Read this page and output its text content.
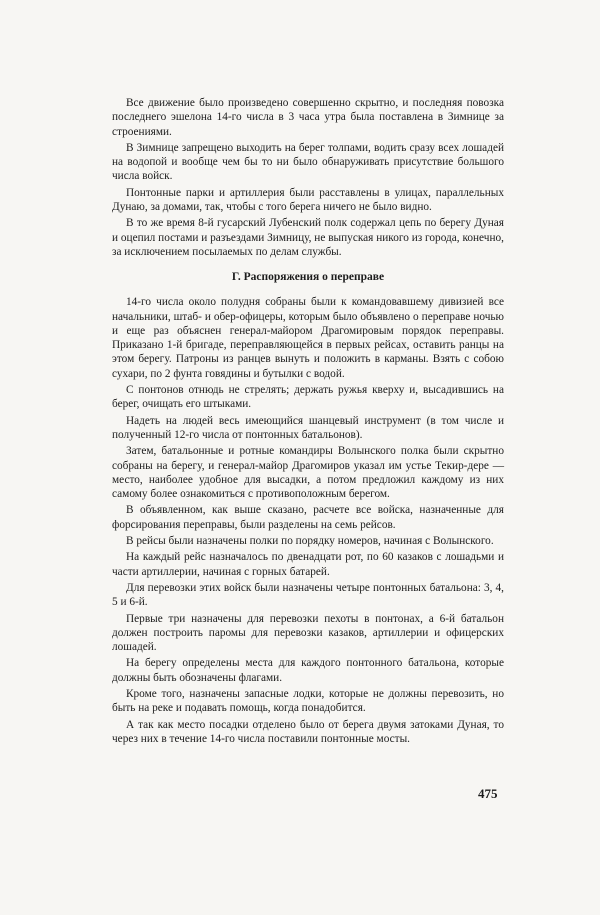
Все движение было произведено совершенно скрытно, и последняя повозка последнего эшелона 14-го числа в 3 часа утра была поставлена в Зимнице за строениями.

В Зимнице запрещено выходить на берег толпами, водить сразу всех лошадей на водопой и вообще чем бы то ни было обнаруживать присутствие большого числа войск.

Понтонные парки и артиллерия были расставлены в улицах, параллельных Дунаю, за домами, так, чтобы с того берега ничего не было видно.

В то же время 8-й гусарский Лубенский полк содержал цепь по берегу Дуная и оцепил постами и разъездами Зимницу, не выпуская никого из города, конечно, за исключением посылаемых по делам службы.

Г. Распоряжения о переправе

14-го числа около полудня собраны были к командовавшему дивизией все начальники, штаб- и обер-офицеры, которым было объявлено о переправе ночью и еще раз объяснен генерал-майором Драгомировым порядок переправы. Приказано 1-й бригаде, переправляющейся в первых рейсах, оставить ранцы на этом берегу. Патроны из ранцев вынуть и положить в карманы. Взять с собою сухари, по 2 фунта говядины и бутылки с водой.

С понтонов отнюдь не стрелять; держать ружья кверху и, высадившись на берег, очищать его штыками.

Надеть на людей весь имеющийся шанцевый инструмент (в том числе и полученный 12-го числа от понтонных батальонов).

Затем, батальонные и ротные командиры Волынского полка были скрытно собраны на берегу, и генерал-майор Драгомиров указал им устье Текир-дере — место, наиболее удобное для высадки, а потом предложил каждому из них самому более ознакомиться с противоположным берегом.

В объявленном, как выше сказано, расчете все войска, назначенные для форсирования переправы, были разделены на семь рейсов.

В рейсы были назначены полки по порядку номеров, начиная с Волынского.

На каждый рейс назначалось по двенадцати рот, по 60 казаков с лошадьми и части артиллерии, начиная с горных батарей.

Для перевозки этих войск были назначены четыре понтонных батальона: 3, 4, 5 и 6-й.

Первые три назначены для перевозки пехоты в понтонах, а 6-й батальон должен построить паромы для перевозки казаков, артиллерии и офицерских лошадей.

На берегу определены места для каждого понтонного батальона, которые должны быть обозначены флагами.

Кроме того, назначены запасные лодки, которые не должны перевозить, но быть на реке и подавать помощь, когда понадобится.

А так как место посадки отделено было от берега двумя затоками Дуная, то через них в течение 14-го числа поставили понтонные мосты.

475
